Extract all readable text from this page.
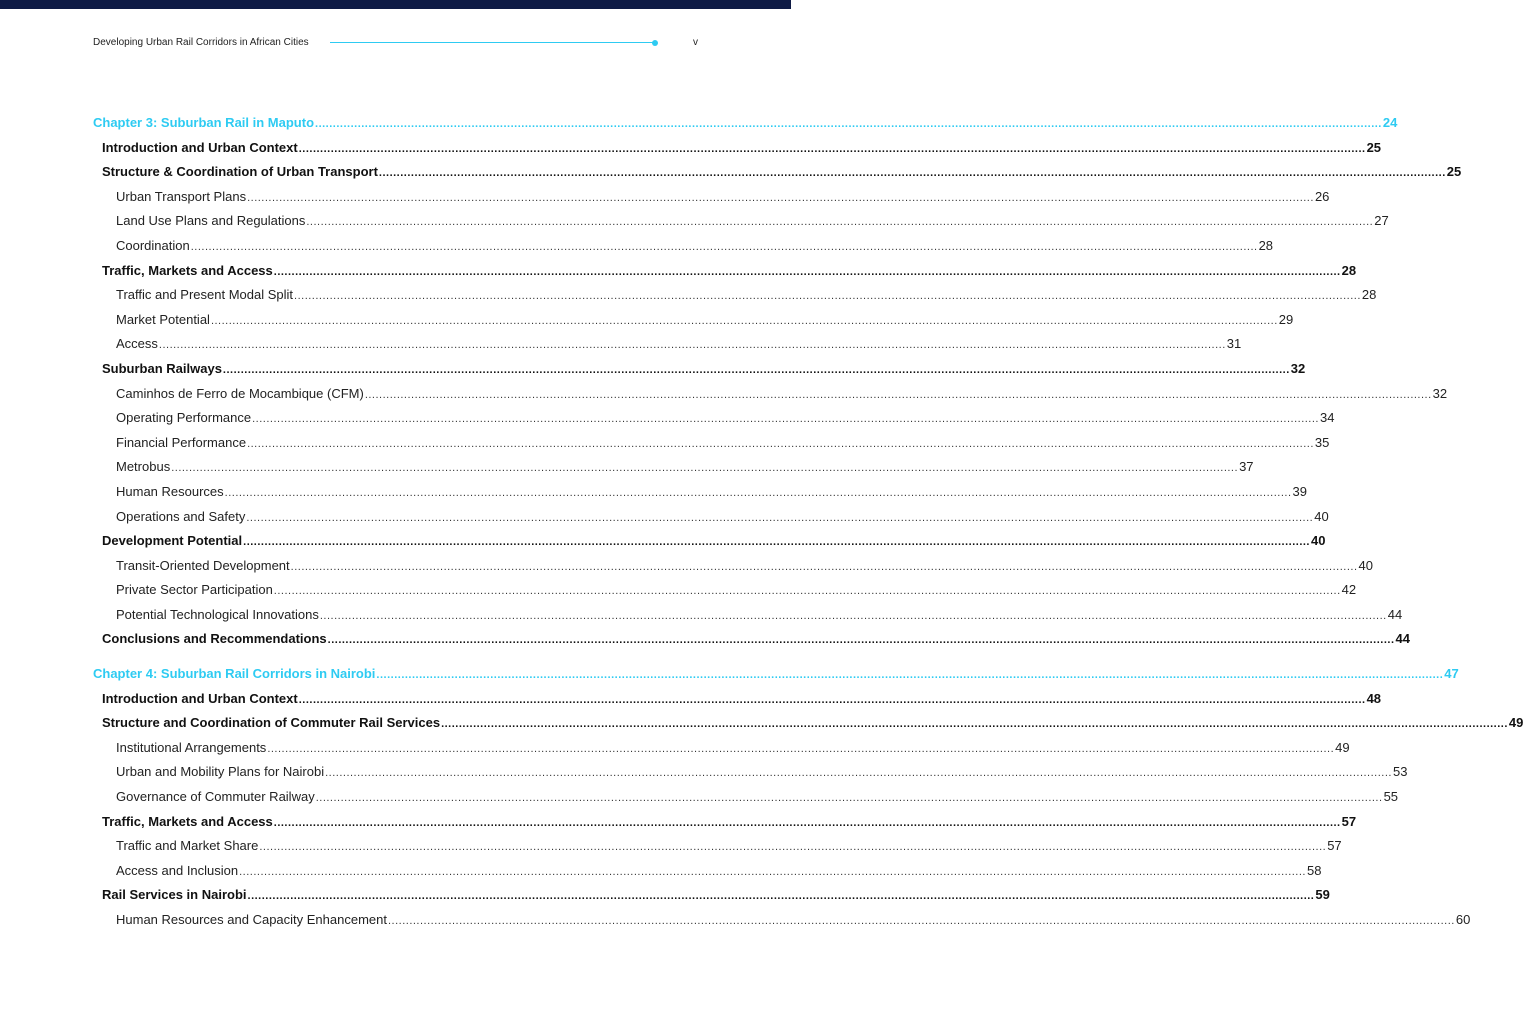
Developing Urban Rail Corridors in African Cities	v
Chapter 3: Suburban Rail in Maputo ............................................................................................................................................................................................................................................................................................................ 24
Introduction and Urban Context ............................................................................................................................................................................................................................................................................................................ 25
Structure & Coordination of Urban Transport ............................................................................................................................................................................................................................................................................................................ 25
Urban Transport Plans ............................................................................................................................................................................................................................................................................................................ 26
Land Use Plans and Regulations ............................................................................................................................................................................................................................................................................................................ 27
Coordination ............................................................................................................................................................................................................................................................................................................ 28
Traffic, Markets and Access ............................................................................................................................................................................................................................................................................................................ 28
Traffic and Present Modal Split ............................................................................................................................................................................................................................................................................................................ 28
Market Potential ............................................................................................................................................................................................................................................................................................................ 29
Access ............................................................................................................................................................................................................................................................................................................ 31
Suburban Railways ............................................................................................................................................................................................................................................................................................................ 32
Caminhos de Ferro de Mocambique (CFM) ............................................................................................................................................................................................................................................................................................................ 32
Operating Performance ............................................................................................................................................................................................................................................................................................................ 34
Financial Performance ............................................................................................................................................................................................................................................................................................................ 35
Metrobus ............................................................................................................................................................................................................................................................................................................ 37
Human Resources ............................................................................................................................................................................................................................................................................................................ 39
Operations and Safety ............................................................................................................................................................................................................................................................................................................ 40
Development Potential ............................................................................................................................................................................................................................................................................................................ 40
Transit-Oriented Development ............................................................................................................................................................................................................................................................................................................ 40
Private Sector Participation ............................................................................................................................................................................................................................................................................................................ 42
Potential Technological Innovations ............................................................................................................................................................................................................................................................................................................ 44
Conclusions and Recommendations ............................................................................................................................................................................................................................................................................................................ 44
Chapter 4: Suburban Rail Corridors in Nairobi ............................................................................................................................................................................................................................................................................................................ 47
Introduction and Urban Context ............................................................................................................................................................................................................................................................................................................ 48
Structure and Coordination of Commuter Rail Services ............................................................................................................................................................................................................................................................................................................ 49
Institutional Arrangements ............................................................................................................................................................................................................................................................................................................ 49
Urban and Mobility Plans for Nairobi ............................................................................................................................................................................................................................................................................................................ 53
Governance of Commuter Railway ............................................................................................................................................................................................................................................................................................................ 55
Traffic, Markets and Access ............................................................................................................................................................................................................................................................................................................ 57
Traffic and Market Share ............................................................................................................................................................................................................................................................................................................ 57
Access and Inclusion ............................................................................................................................................................................................................................................................................................................ 58
Rail Services in Nairobi ............................................................................................................................................................................................................................................................................................................ 59
Human Resources and Capacity Enhancement ............................................................................................................................................................................................................................................................................................................ 60
